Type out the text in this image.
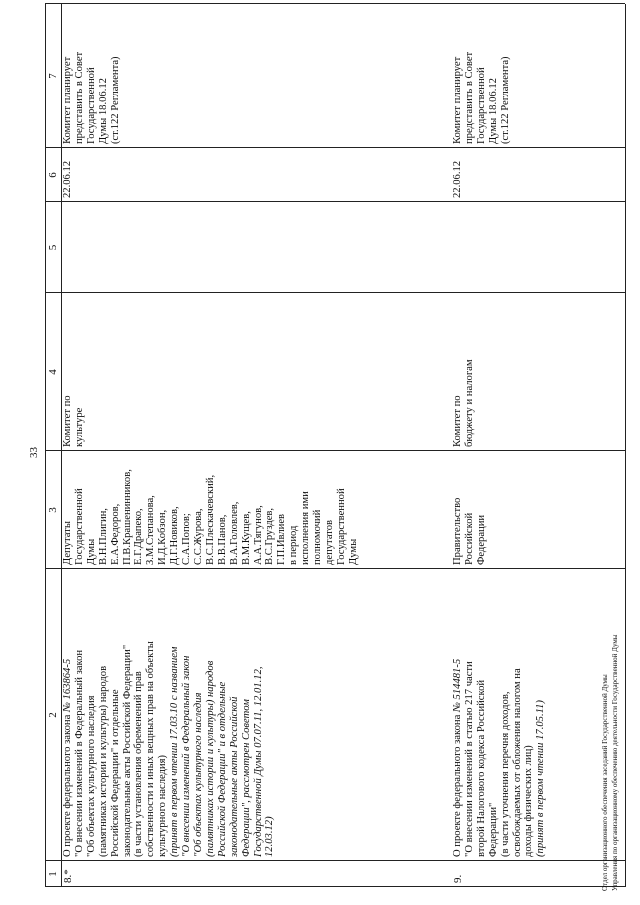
33
1
2
3
4
5
6
7
8.*
О проекте федерального закона № 163864-5 "О внесении изменений в Федеральный закон "Об объектах культурного наследия (памятниках истории и культуры) народов Российской Федерации" и отдельные законодательные акты Российской Федерации" (в части установления обременений прав собственности и иных вещных прав на объекты культурного наследия) (принят в первом чтении 17.03.10 с названием "О внесении изменений в Федеральный закон "Об объектах культурного наследия (памятниках истории и культуры) народов Российской Федерации" и в отдельные законодательные акты Российской Федерации", рассмотрен Советом Государственной Думы 07.07.11, 12.01.12, 12.03.12)
Депутаты Государственной Думы В.Н.Плигин, Е.А.Федоров, П.В.Крашенинников, Е.Г.Драпеко, З.М.Степанова, И.Д.Кобзон, Д.Г.Новиков, С.А.Попов; С.С.Журова, В.С.Плескачевский, В.В.Панов, В.А.Головлев, В.М.Кущев, А.А.Тягунов, В.С.Груздев, Г.П.Ивлиев в период исполнения ими полномочий депутатов Государственной Думы
Комитет по культуре
22.06.12
Комитет планирует представить в Совет Государственной Думы 18.06.12 (ст.122 Регламента)
9.
О проекте федерального закона № 514481-5 "О внесении изменений в статью 217 части второй Налогового кодекса Российской Федерации" (в части уточнения перечня доходов, освобождаемых от обложения налогом на доходы физических лиц) (принят в первом чтении 17.05.11)
Правительство Российской Федерации
Комитет по бюджету и налогам
22.06.12
Комитет планирует представить в Совет Государственной Думы 18.06.12 (ст.122 Регламента)
Отдел организационного обеспечения заседаний Государственной Думы Управления по организационному обеспечению деятельности Государственной Думы
